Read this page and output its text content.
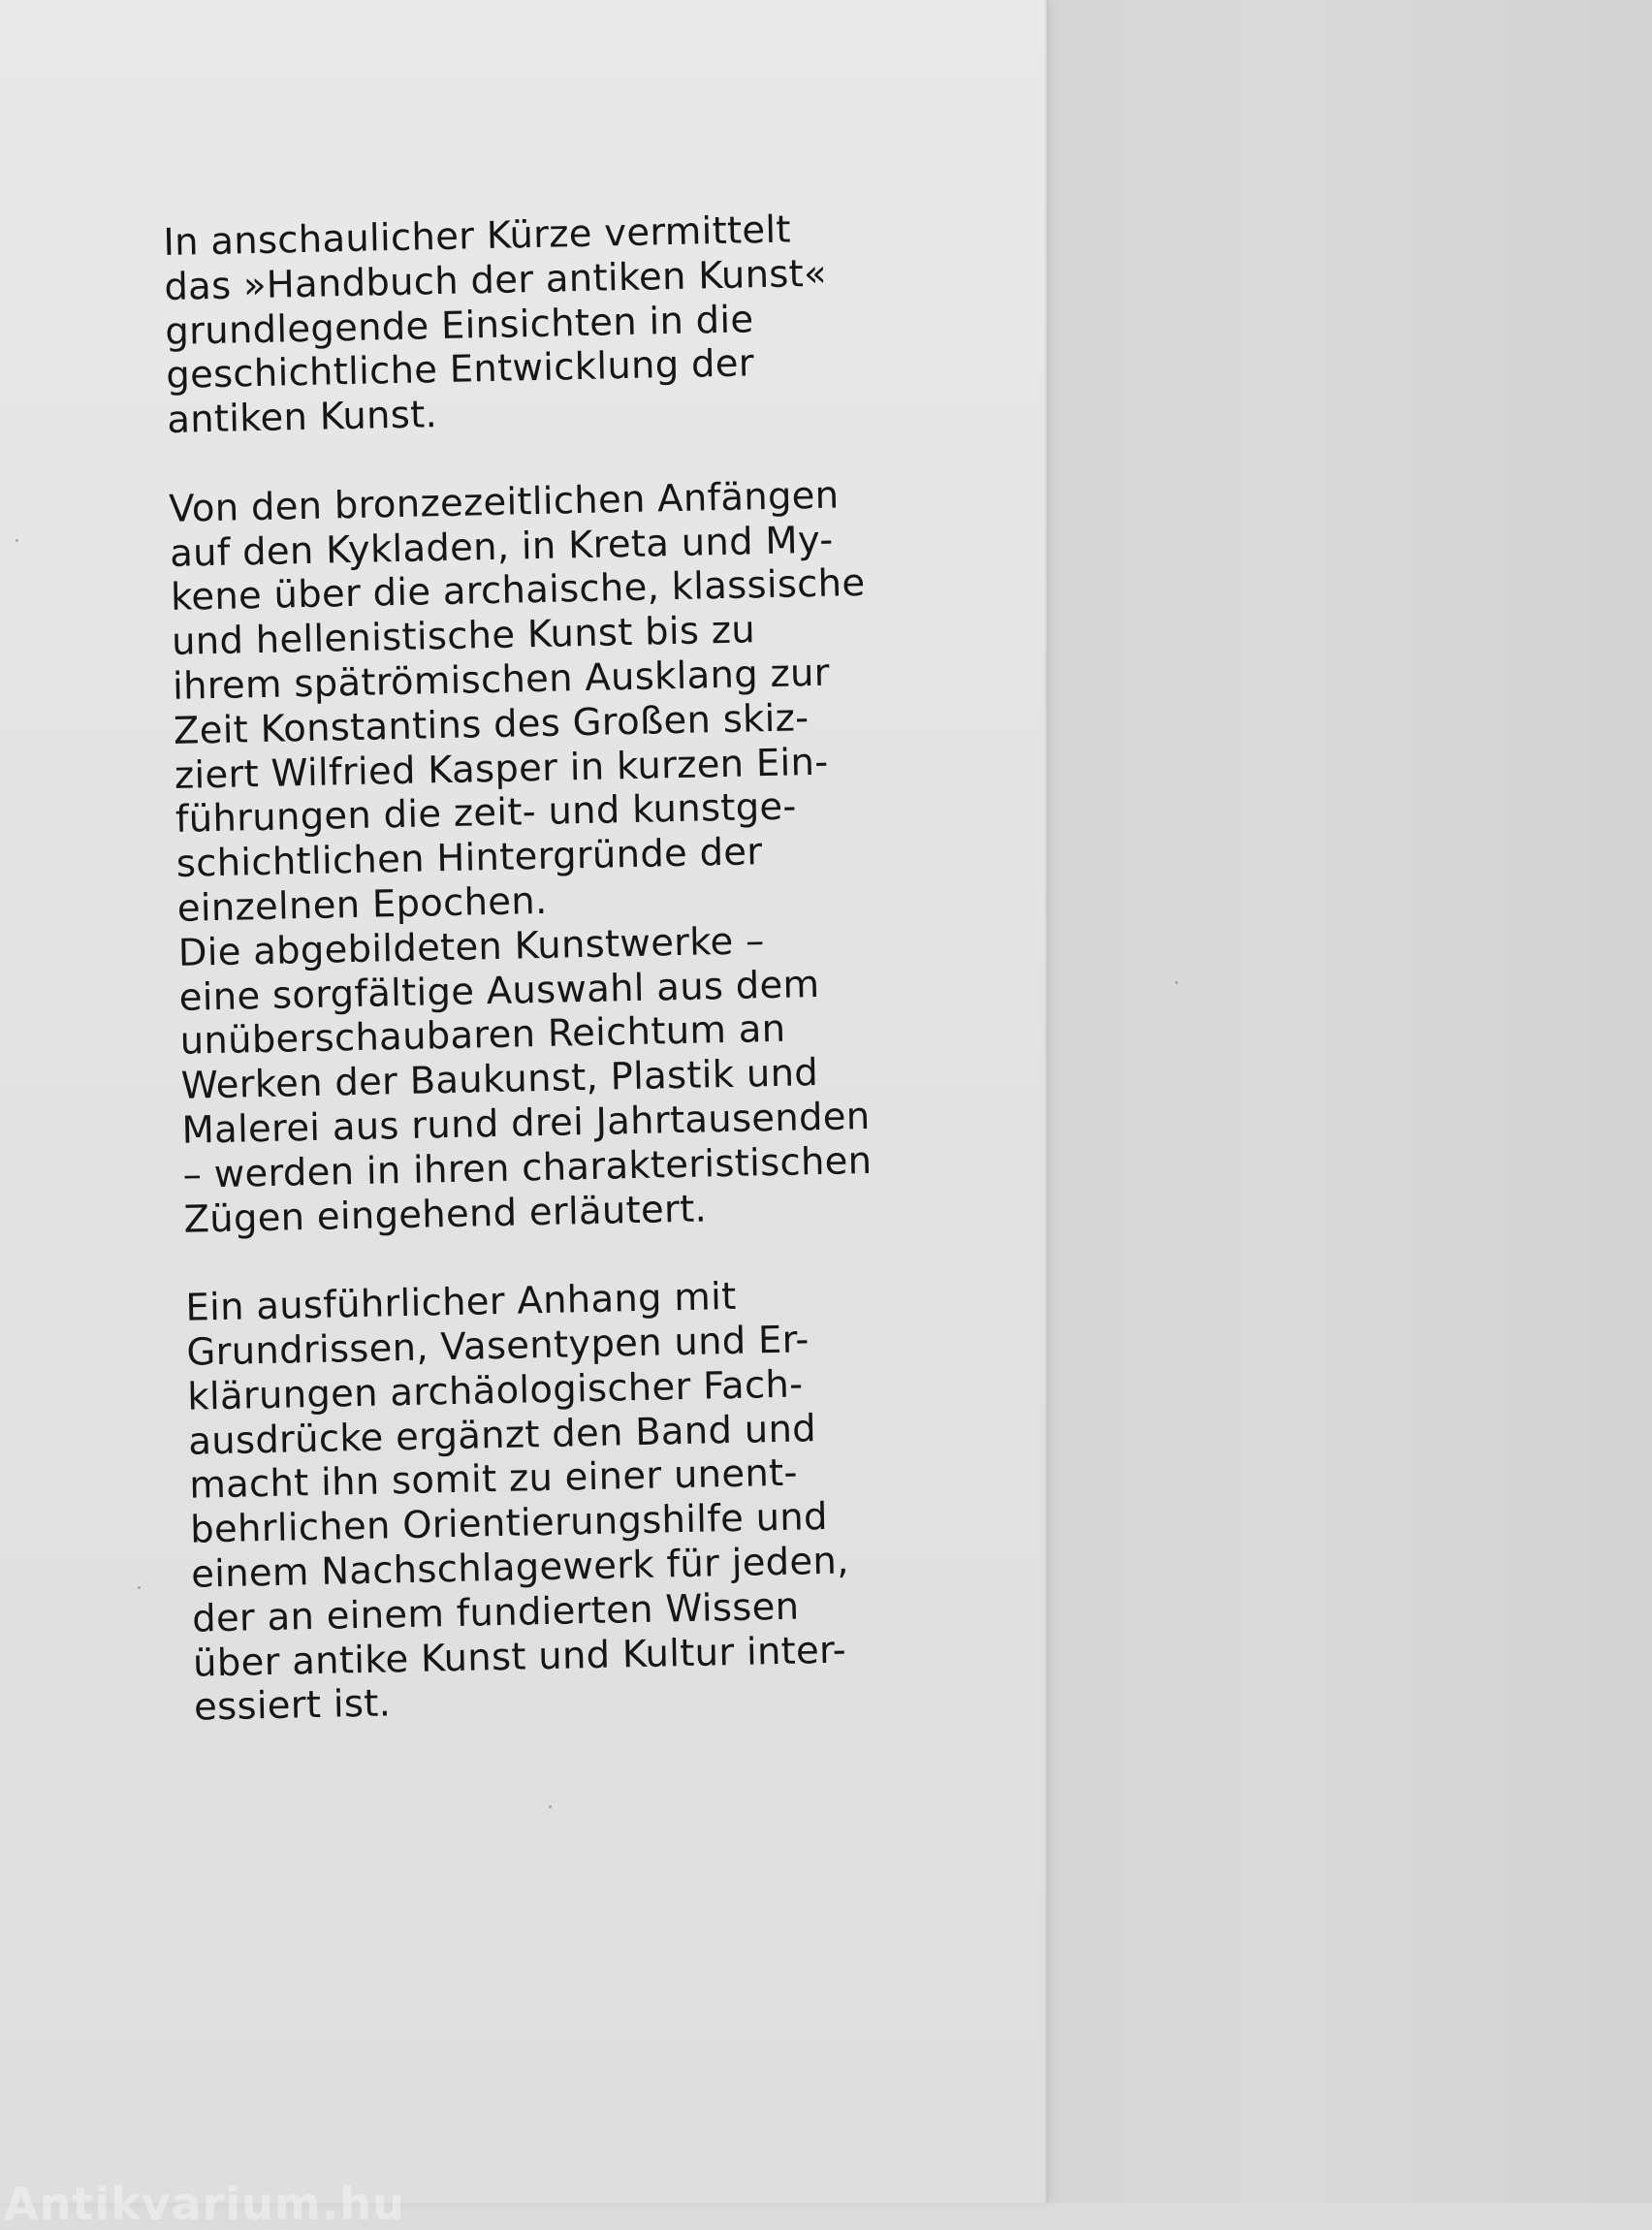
In anschaulicher Kürze vermittelt
das »Handbuch der antiken Kunst«
grundlegende Einsichten in die
geschichtliche Entwicklung der
antiken Kunst.

Von den bronzezeitlichen Anfängen
auf den Kykladen, in Kreta und My-
kene über die archaische, klassische
und hellenistische Kunst bis zu
ihrem spätrömischen Ausklang zur
Zeit Konstantins des Großen skiz-
ziert Wilfried Kasper in kurzen Ein-
führungen die zeit- und kunstge-
schichtlichen Hintergründe der
einzelnen Epochen.
Die abgebildeten Kunstwerke –
eine sorgfältige Auswahl aus dem
unüberschaubaren Reichtum an
Werken der Baukunst, Plastik und
Malerei aus rund drei Jahrtausenden
– werden in ihren charakteristischen
Zügen eingehend erläutert.

Ein ausführlicher Anhang mit
Grundrissen, Vasentypen und Er-
klärungen archäologischer Fach-
ausdrücke ergänzt den Band und
macht ihn somit zu einer unent-
behrlichen Orientierungshilfe und
einem Nachschlagewerk für jeden,
der an einem fundierten Wissen
über antike Kunst und Kultur inter-
essiert ist.

Antikvarium.hu
